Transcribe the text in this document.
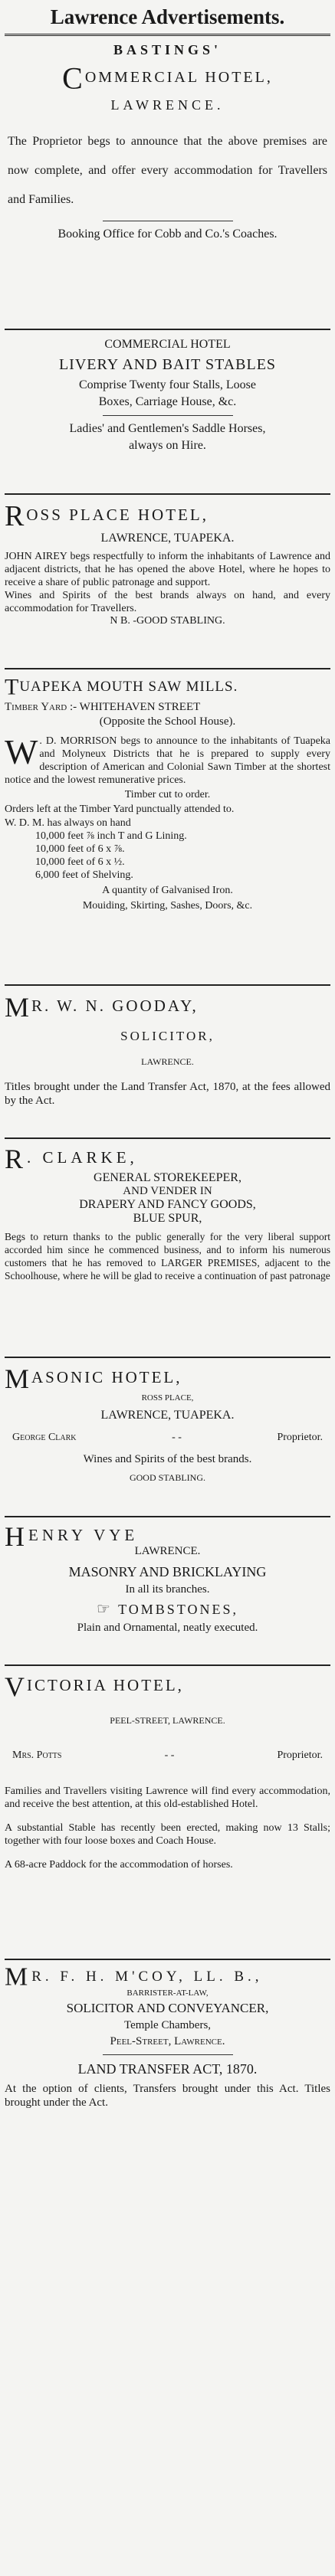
Lawrence Advertisements.
BASTINGS'
COMMERCIAL HOTEL,
LAWRENCE.

The Proprietor begs to announce that the above premises are now complete, and offer every accommodation for Travellers and Families.

Booking Office for Cobb and Co.'s Coaches.
COMMERCIAL HOTEL
LIVERY AND BAIT STABLES
Comprise Twenty four Stalls, Loose
Boxes, Carriage House, &c.
Ladies' and Gentlemen's Saddle Horses,
always on Hire.
ROSS PLACE HOTEL,
LAWRENCE, TUAPEKA.

JOHN AIREY begs respectfully to inform the inhabitants of Lawrence and adjacent districts, that he has opened the above Hotel, where he hopes to receive a share of public patronage and support.

Wines and Spirits of the best brands always on hand, and every accommodation for Travellers.

N B. -GOOD STABLING.
TUAPEKA MOUTH SAW MILLS.
Timber Yard :- WHITEHAVEN STREET
(Opposite the School House).

W . D. MORRISON begs to announce to the inhabitants of Tuapeka and Molyneux Districts that he is prepared to supply every description of American and Colonial Sawn Timber at the shortest notice and the lowest remunerative prices.

Timber cut to order.
Orders left at the Timber Yard punctually attended to.
W. D. M. has always on hand
10,000 feet ⅞ inch T and G Lining.
10,000 feet of 6 x ⅞.
10,000 feet of 6 x ½.
6,000 feet of Shelving.
A quantity of Galvanised Iron.
Mouiding, Skirting, Sashes, Doors, &c.
MR. W. N. GOODAY,
SOLICITOR,
LAWRENCE.

Titles brought under the Land Transfer Act, 1870, at the fees allowed by the Act.

R. CLARKE,
GENERAL STOREKEEPER,
AND VENDER IN
DRAPERY AND FANCY GOODS,
BLUE SPUR,

Begs to return thanks to the public generally for the very liberal support accorded him since he commenced business, and to inform his numerous customers that he has removed to LARGER PREMISES, adjacent to the Schoolhouse, where he will be glad to receive a continuation of past patronage

MASONIC HOTEL,
ROSS PLACE,
LAWRENCE, TUAPEKA.
George Clark	- -	Proprietor.
Wines and Spirits of the best brands.
GOOD STABLING.
HENRY VYE
LAWRENCE.
MASONRY AND BRICKLAYING
In all its branches.
☞ TOMBSTONES,
Plain and Ornamental, neatly executed.
VICTORIA HOTEL,
PEEL-STREET, LAWRENCE.
Mrs. Potts	- -	Proprietor.

Families and Travellers visiting Lawrence will find every accommodation, and receive the best attention, at this old-established Hotel.

A substantial Stable has recently been erected, making now 13 Stalls; together with four loose boxes and Coach House.

A 68-acre Paddock for the accommodation of horses.

MR. F. H. M'COY, LL. B.,
BARRISTER-AT-LAW,
SOLICITOR AND CONVEYANCER,
Temple Chambers,
Peel-Street, Lawrence.
LAND TRANSFER ACT, 1870.

At the option of clients, Transfers brought under this Act. Titles brought under the Act.
